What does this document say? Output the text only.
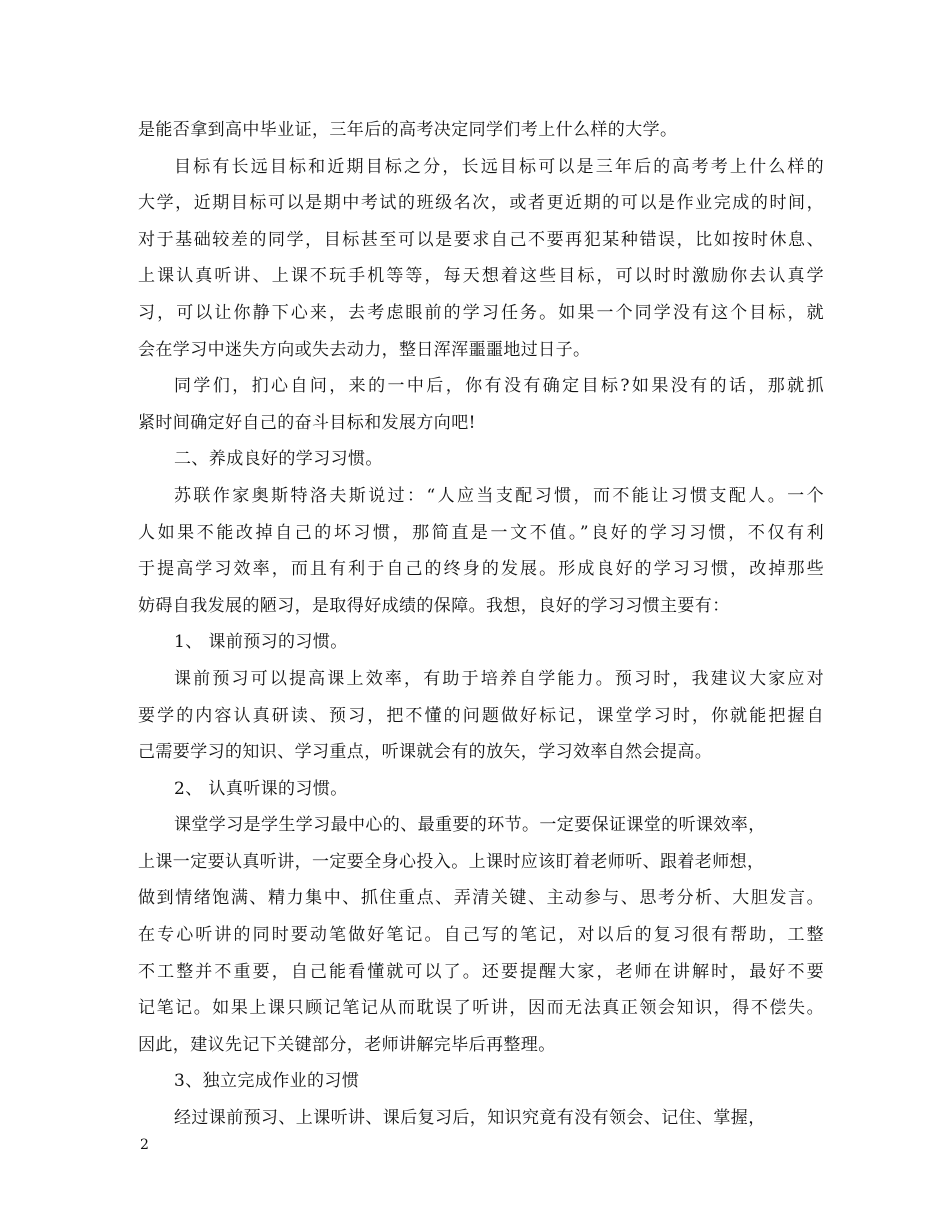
是能否拿到高中毕业证，三年后的高考决定同学们考上什么样的大学。
目标有长远目标和近期目标之分，长远目标可以是三年后的高考考上什么样的
大学，近期目标可以是期中考试的班级名次，或者更近期的可以是作业完成的时间，
对于基础较差的同学，目标甚至可以是要求自己不要再犯某种错误，比如按时休息、
上课认真听讲、上课不玩手机等等，每天想着这些目标，可以时时激励你去认真学
习，可以让你静下心来，去考虑眼前的学习任务。如果一个同学没有这个目标，就
会在学习中迷失方向或失去动力，整日浑浑噩噩地过日子。
同学们，扪心自问，来的一中后，你有没有确定目标?如果没有的话，那就抓
紧时间确定好自己的奋斗目标和发展方向吧!
二、养成良好的学习习惯。
苏联作家奥斯特洛夫斯说过：“人应当支配习惯，而不能让习惯支配人。一个
人如果不能改掉自己的坏习惯，那简直是一文不值。”良好的学习习惯，不仅有利
于提高学习效率，而且有利于自己的终身的发展。形成良好的学习习惯，改掉那些
妨碍自我发展的陋习，是取得好成绩的保障。我想，良好的学习习惯主要有：
1、 课前预习的习惯。
课前预习可以提高课上效率，有助于培养自学能力。预习时，我建议大家应对
要学的内容认真研读、预习，把不懂的问题做好标记，课堂学习时，你就能把握自
己需要学习的知识、学习重点，听课就会有的放矢，学习效率自然会提高。
2、 认真听课的习惯。
课堂学习是学生学习最中心的、最重要的环节。一定要保证课堂的听课效率，
上课一定要认真听讲，一定要全身心投入。上课时应该盯着老师听、跟着老师想，
做到情绪饱满、精力集中、抓住重点、弄清关键、主动参与、思考分析、大胆发言。
在专心听讲的同时要动笔做好笔记。自己写的笔记，对以后的复习很有帮助，工整
不工整并不重要，自己能看懂就可以了。还要提醒大家，老师在讲解时，最好不要
记笔记。如果上课只顾记笔记从而耽误了听讲，因而无法真正领会知识，得不偿失。
因此，建议先记下关键部分，老师讲解完毕后再整理。
3、独立完成作业的习惯
经过课前预习、上课听讲、课后复习后，知识究竟有没有领会、记住、掌握，
2
